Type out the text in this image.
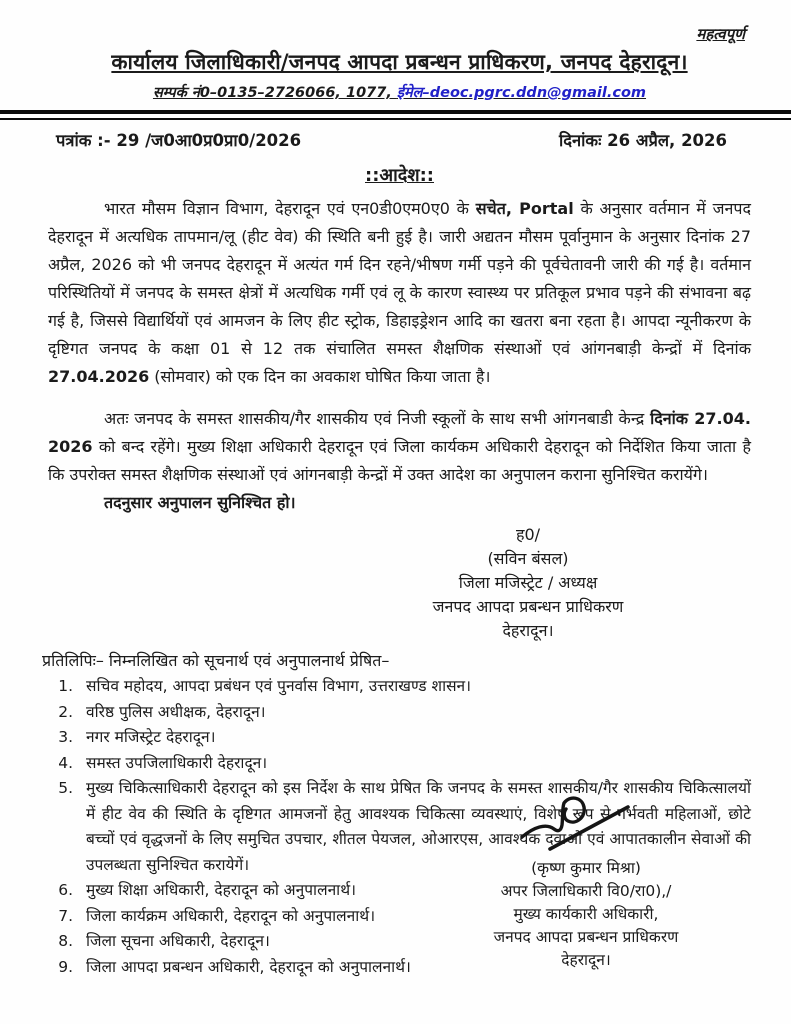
महत्वपूर्ण
कार्यालय जिलाधिकारी/जनपद आपदा प्रबन्धन प्राधिकरण, जनपद देहरादून।
सम्पर्क नं0–0135–2726066, 1077, ईमेल–deoc.pgrc.ddn@gmail.com
पत्रांक :- 29 /ज0आ0प्र0प्रा0/2026	दिनांकः 26 अप्रैल, 2026
::आदेश::

भारत मौसम विज्ञान विभाग, देहरादून एवं एन0डी0एम0ए0 के सचेत, Portal के अनुसार वर्तमान में जनपद देहरादून में अत्यधिक तापमान/लू (हीट वेव) की स्थिति बनी हुई है। जारी अद्यतन मौसम पूर्वानुमान के अनुसार दिनांक 27 अप्रैल, 2026 को भी जनपद देहरादून में अत्यंत गर्म दिन रहने/भीषण गर्मी पड़ने की पूर्वचेतावनी जारी की गई है। वर्तमान परिस्थितियों में जनपद के समस्त क्षेत्रों में अत्यधिक गर्मी एवं लू के कारण स्वास्थ्य पर प्रतिकूल प्रभाव पड़ने की संभावना बढ़ गई है, जिससे विद्यार्थियों एवं आमजन के लिए हीट स्ट्रोक, डिहाइड्रेशन आदि का खतरा बना रहता है। आपदा न्यूनीकरण के दृष्टिगत जनपद के कक्षा 01 से 12 तक संचालित समस्त शैक्षणिक संस्थाओं एवं आंगनबाड़ी केन्द्रों में दिनांक 27.04.2026 (सोमवार) को एक दिन का अवकाश घोषित किया जाता है।

अतः जनपद के समस्त शासकीय/गैर शासकीय एवं निजी स्कूलों के साथ सभी आंगनबाडी केन्द्र दिनांक 27.04. 2026 को बन्द रहेंगे। मुख्य शिक्षा अधिकारी देहरादून एवं जिला कार्यकम अधिकारी देहरादून को निर्देशित किया जाता है कि उपरोक्त समस्त शैक्षणिक संस्थाओं एवं आंगनबाड़ी केन्द्रों में उक्त आदेश का अनुपालन कराना सुनिश्चित करायेंगे।

तदनुसार अनुपालन सुनिश्चित हो।

ह0/
(सविन बंसल)
जिला मजिस्ट्रेट / अध्यक्ष
जनपद आपदा प्रबन्धन प्राधिकरण
देहरादून।
प्रतिलिपिः– निम्नलिखित को सूचनार्थ एवं अनुपालनार्थ प्रेषित–
1. सचिव महोदय, आपदा प्रबंधन एवं पुनर्वास विभाग, उत्तराखण्ड शासन।
2. वरिष्ठ पुलिस अधीक्षक, देहरादून।
3. नगर मजिस्ट्रेट देहरादून।
4. समस्त उपजिलाधिकारी देहरादून।
5. मुख्य चिकित्साधिकारी देहरादून को इस निर्देश के साथ प्रेषित कि जनपद के समस्त शासकीय/गैर शासकीय चिकित्सालयों में हीट वेव की स्थिति के दृष्टिगत आमजनों हेतु आवश्यक चिकित्सा व्यवस्थाएं, विशेष रूप से गर्भवती महिलाओं, छोटे बच्चों एवं वृद्धजनों के लिए समुचित उपचार, शीतल पेयजल, ओआरएस, आवश्यक दवाओं एवं आपातकालीन सेवाओं की उपलब्धता सुनिश्चित करायेगें।
6. मुख्य शिक्षा अधिकारी, देहरादून को अनुपालनार्थ।
7. जिला कार्यक्रम अधिकारी, देहरादून को अनुपालनार्थ।
8. जिला सूचना अधिकारी, देहरादून।
9. जिला आपदा प्रबन्धन अधिकारी, देहरादून को अनुपालनार्थ।
(कृष्ण कुमार मिश्रा)
अपर जिलाधिकारी वि0/रा0),/
मुख्य कार्यकारी अधिकारी,
जनपद आपदा प्रबन्धन प्राधिकरण
देहरादून।
